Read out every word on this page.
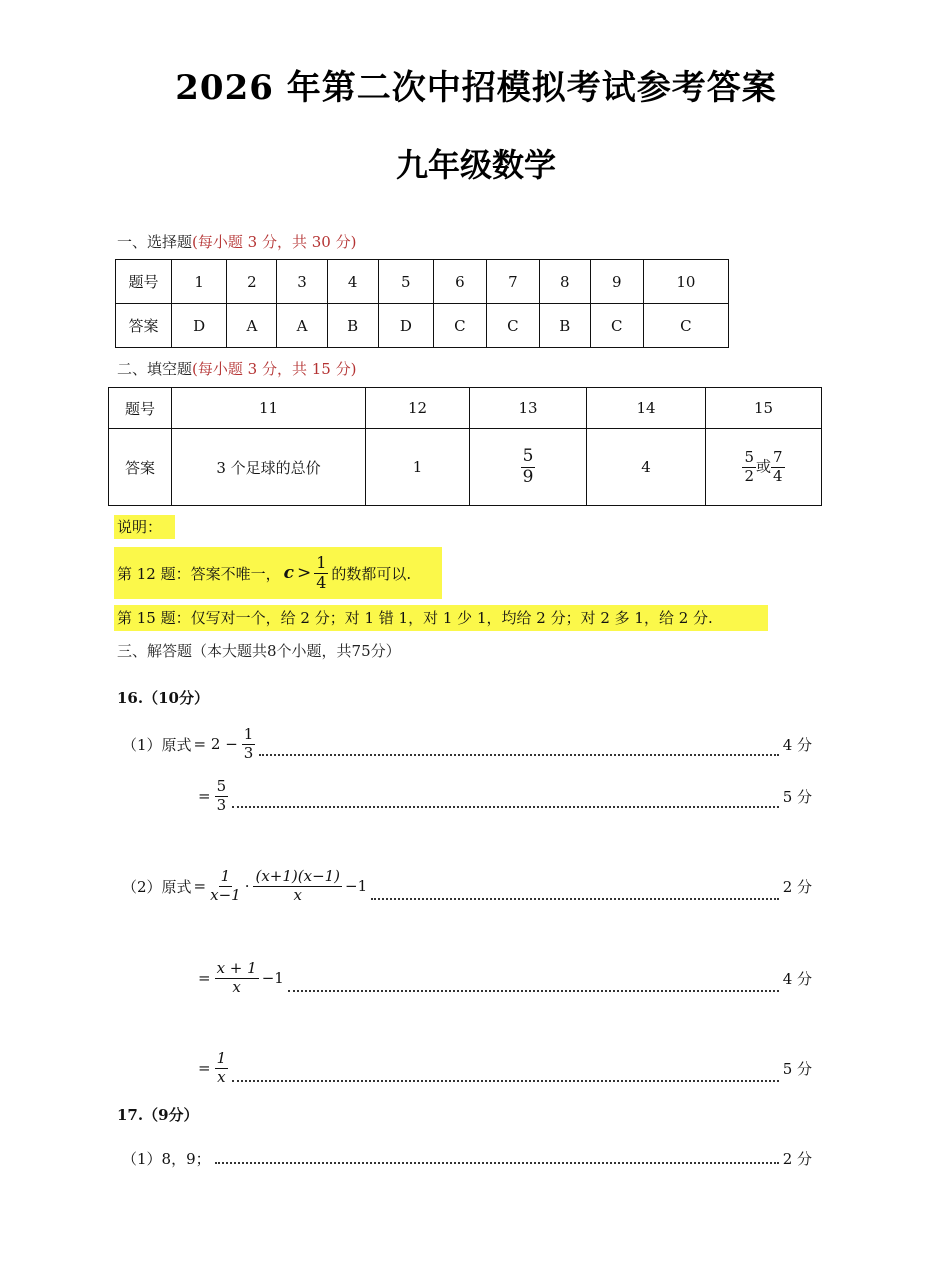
2026 年第二次中招模拟考试参考答案
九年级数学
一、选择题(每小题 3 分，共 30 分)
题号	1	2	3	4	5	6	7	8	9	10
答案	D	A	A	B	D	C	C	B	C	C
二、填空题(每小题 3 分，共 15 分)
题号	11	12	13	14	15
答案	3 个足球的总价	1	$\frac{5}{9}$	4	$\frac{5}{2}$ 或 $\frac{7}{4}$
说明：
第 12 题：答案不唯一， $c > \frac{1}{4}$ 的数都可以.
第 15 题：仅写对一个，给 2 分；对 1 错 1，对 1 少 1，均给 2 分；对 2 多 1，给 2 分.
三、解答题（本大题共8个小题，共75分）
16.（10分）
（1）原式 = $2 - \frac{1}{3}$	4 分
= $\frac{5}{3}$	5 分
（2）原式 = $\frac{1}{x-1} \cdot \frac{(x+1)(x-1)}{x} -1$	2 分
= $\frac{x + 1}{x} -1$	4 分
= $\frac{1}{x}$	5 分
17.（9分）
（1）8，9；	2 分
